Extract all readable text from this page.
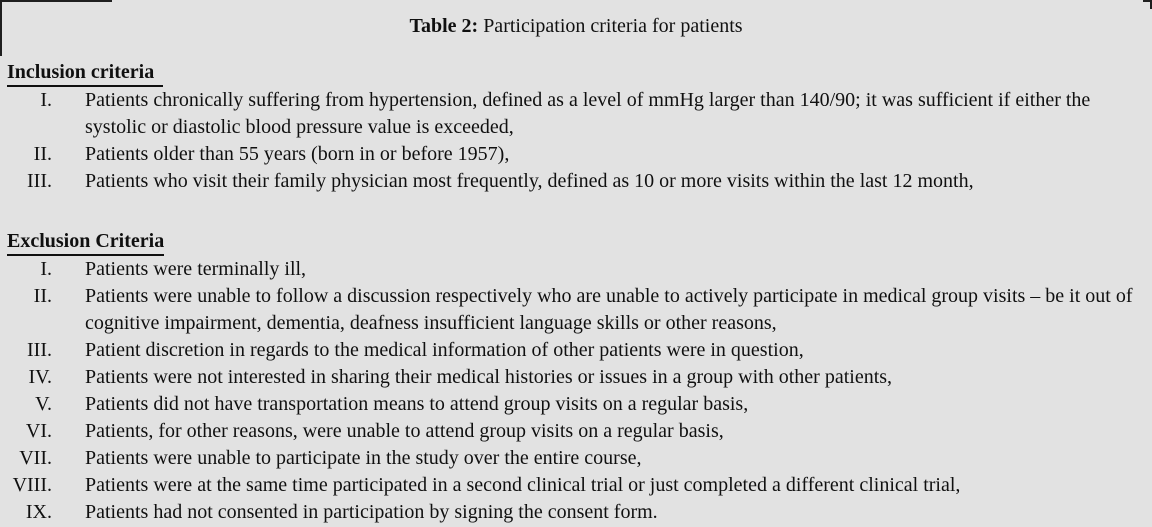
Table 2: Participation criteria for patients
Inclusion criteria
I. Patients chronically suffering from hypertension, defined as a level of mmHg larger than 140/90; it was sufficient if either the systolic or diastolic blood pressure value is exceeded,
II. Patients older than 55 years (born in or before 1957),
III. Patients who visit their family physician most frequently, defined as 10 or more visits within the last 12 month,
Exclusion Criteria
I. Patients were terminally ill,
II. Patients were unable to follow a discussion respectively who are unable to actively participate in medical group visits – be it out of cognitive impairment, dementia, deafness insufficient language skills or other reasons,
III. Patient discretion in regards to the medical information of other patients were in question,
IV. Patients were not interested in sharing their medical histories or issues in a group with other patients,
V. Patients did not have transportation means to attend group visits on a regular basis,
VI. Patients, for other reasons, were unable to attend group visits on a regular basis,
VII. Patients were unable to participate in the study over the entire course,
VIII. Patients were at the same time participated in a second clinical trial or just completed a different clinical trial,
IX. Patients had not consented in participation by signing the consent form.
